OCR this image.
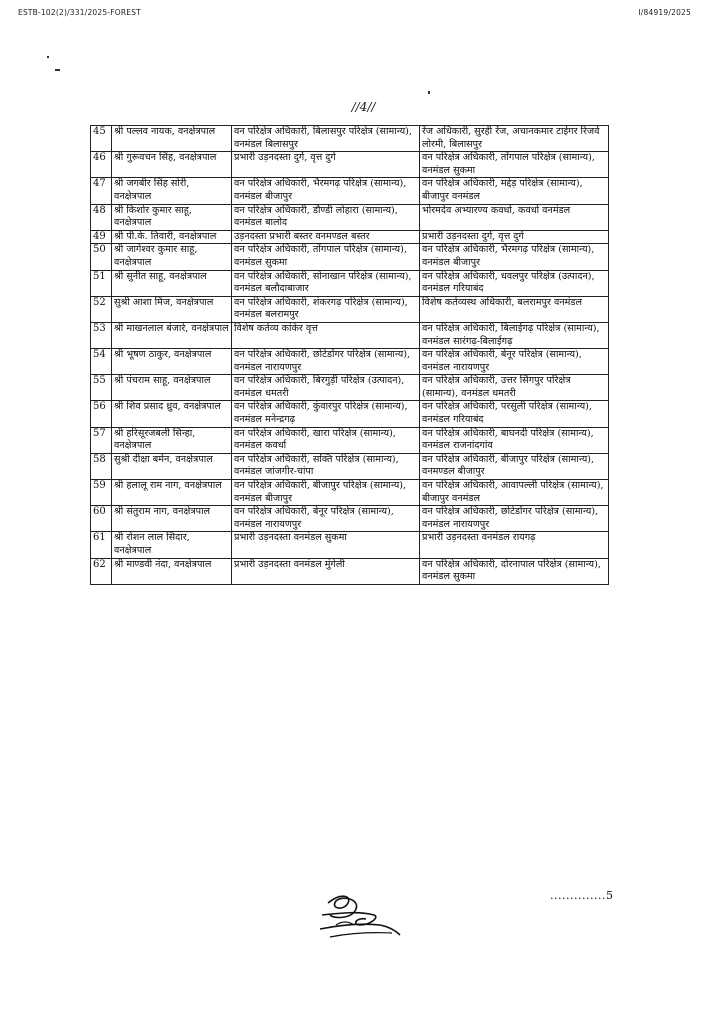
ESTB-102(2)/331/2025-FOREST	I/84919/2025
//4//
45	श्री पल्लव नायक, वनक्षेत्रपाल	वन परिक्षेत्र अधिकारी, बिलासपुर परिक्षेत्र (सामान्य), वनमंडल बिलासपुर	रेंज अधिकारी, सुरही रेंज, अचानकमार टाईगर रिजर्व लोरमी, बिलासपुर
46	श्री गुरूवचन सिंह, वनक्षेत्रपाल	प्रभारी उड़नदस्ता दुर्ग, वृत्त दुर्ग	वन परिक्षेत्र अधिकारी, तोंगपाल परिक्षेत्र (सामान्य), वनमंडल सुकमा
47	श्री जगबीर सिंह सोरी, वनक्षेत्रपाल	वन परिक्षेत्र अधिकारी, भैरमगढ़ परिक्षेत्र (सामान्य), वनमंडल बीजापुर	वन परिक्षेत्र अधिकारी, मद्देड़ परिक्षेत्र (सामान्य), बीजापुर वनमंडल
48	श्री किशोर कुमार साहू, वनक्षेत्रपाल	वन परिक्षेत्र अधिकारी, डौण्डी लोहारा (सामान्य), वनमंडल बालोद	भोरमदेव अभ्यारण्य कवर्धा, कवर्धा वनमंडल
49	श्री पी.के. तिवारी, वनक्षेत्रपाल	उड़नदस्ता प्रभारी बस्तर वनमण्डल बस्तर	प्रभारी उड़नदस्ता दुर्ग, वृत्त दुर्ग
50	श्री जागेश्वर कुमार साहू, वनक्षेत्रपाल	वन परिक्षेत्र अधिकारी, तोंगपाल परिक्षेत्र (सामान्य), वनमंडल सुकमा	वन परिक्षेत्र अधिकारी, भैरमगढ़ परिक्षेत्र (सामान्य), वनमंडल बीजापुर
51	श्री सुनीत साहू, वनक्षेत्रपाल	वन परिक्षेत्र अधिकारी, सोनाखान परिक्षेत्र (सामान्य), वनमंडल बलौदाबाजार	वन परिक्षेत्र अधिकारी, धवलपुर परिक्षेत्र (उत्पादन), वनमंडल गरियाबंद
52	सुश्री आशा मिंज, वनक्षेत्रपाल	वन परिक्षेत्र अधिकारी, शंकरगढ़ परिक्षेत्र (सामान्य), वनमंडल बलरामपुर	विशेष कर्तव्यस्थ अधिकारी, बलरामपुर वनमंडल
53	श्री माखनलाल बंजारे, वनक्षेत्रपाल	विशेष कर्तव्य कांकेर वृत्त	वन परिक्षेत्र अधिकारी, बिलाईगढ़ परिक्षेत्र (सामान्य), वनमंडल सारंगढ़-बिलाईगढ़
54	श्री भूषण ठाकुर, वनक्षेत्रपाल	वन परिक्षेत्र अधिकारी, छोटेडोंगर परिक्षेत्र (सामान्य), वनमंडल नारायणपुर	वन परिक्षेत्र अधिकारी, बेनूर परिक्षेत्र (सामान्य), वनमंडल नारायणपुर
55	श्री पंचराम साहू, वनक्षेत्रपाल	वन परिक्षेत्र अधिकारी, बिरगुड़ी परिक्षेत्र (उत्पादन), वनमंडल धमतरी	वन परिक्षेत्र अधिकारी, उत्तर सिंगपुर परिक्षेत्र (सामान्य), वनमंडल धमतरी
56	श्री शिव प्रसाद ध्रुव, वनक्षेत्रपाल	वन परिक्षेत्र अधिकारी, कुंवारपुर परिक्षेत्र (सामान्य), वनमंडल मनेन्द्रगढ़	वन परिक्षेत्र अधिकारी, परसुली परिक्षेत्र (सामान्य), वनमंडल गरियाबंद
57	श्री हरिसूरजबली सिन्हा, वनक्षेत्रपाल	वन परिक्षेत्र अधिकारी, खारा परिक्षेत्र (सामान्य), वनमंडल कवर्धा	वन परिक्षेत्र अधिकारी, बाघनदी परिक्षेत्र (सामान्य), वनमंडल राजनांदगांव
58	सुश्री दीक्षा बर्मन, वनक्षेत्रपाल	वन परिक्षेत्र अधिकारी, सक्ति परिक्षेत्र (सामान्य), वनमंडल जांजगीर-चांपा	वन परिक्षेत्र अधिकारी, बीजापुर परिक्षेत्र (सामान्य), वनमण्डल बीजापुर
59	श्री हलालू राम नाग, वनक्षेत्रपाल	वन परिक्षेत्र अधिकारी, बीजापुर परिक्षेत्र (सामान्य), वनमंडल बीजापुर	वन परिक्षेत्र अधिकारी, आवापल्ली परिक्षेत्र (सामान्य), बीजापुर वनमंडल
60	श्री संतुराम नाग, वनक्षेत्रपाल	वन परिक्षेत्र अधिकारी, बेनूर परिक्षेत्र (सामान्य), वनमंडल नारायणपुर	वन परिक्षेत्र अधिकारी, छोटेडोंगर परिक्षेत्र (सामान्य), वनमंडल नारायणपुर
61	श्री रोशन लाल सिदार, वनक्षेत्रपाल	प्रभारी उड़नदस्ता वनमंडल सुकमा	प्रभारी उड़नदस्ता वनमंडल रायगढ़
62	श्री माण्डवी नंदा, वनक्षेत्रपाल	प्रभारी उड़नदस्ता वनमंडल मुंगेली	वन परिक्षेत्र अधिकारी, दोरनापाल परिक्षेत्र (सामान्य), वनमंडल सुकमा
..............5
